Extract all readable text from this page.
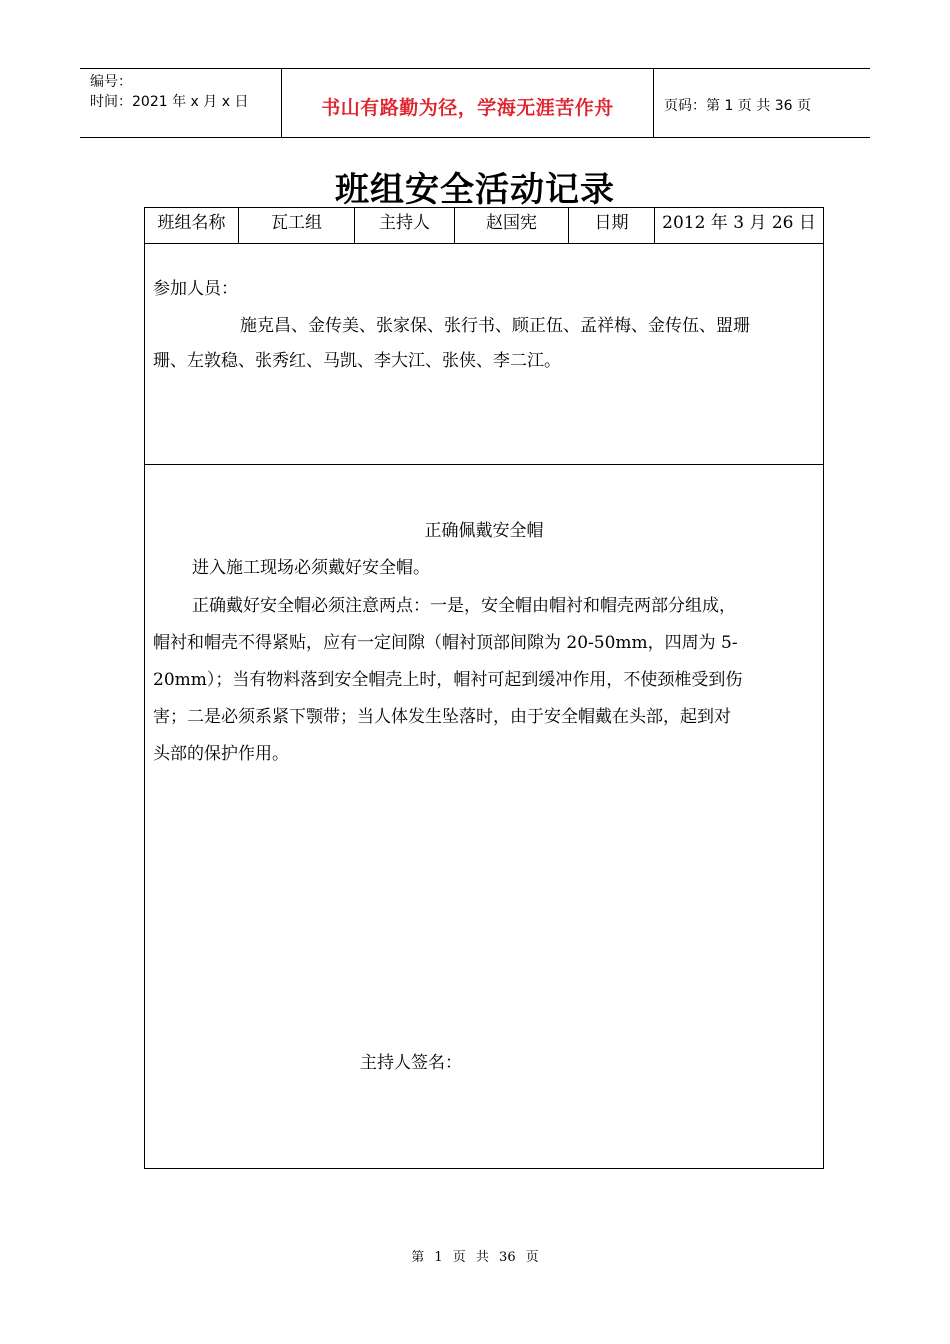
编号：
时间：2021 年 x 月 x 日	书山有路勤为径，学海无涯苦作舟	页码：第 1 页 共 36 页
班组安全活动记录
班组名称	瓦工组	主持人	赵国宪	日期	2012 年 3 月 26 日
参加人员：
施克昌、金传美、张家保、张行书、顾正伍、孟祥梅、金传伍、盟珊
珊、左敦稳、张秀红、马凯、李大江、张侠、李二江。
正确佩戴安全帽
进入施工现场必须戴好安全帽。
正确戴好安全帽必须注意两点：一是，安全帽由帽衬和帽壳两部分组成，
帽衬和帽壳不得紧贴，应有一定间隙（帽衬顶部间隙为 20-50mm，四周为 5-
20mm）；当有物料落到安全帽壳上时，帽衬可起到缓冲作用，不使颈椎受到伤
害；二是必须系紧下颚带；当人体发生坠落时，由于安全帽戴在头部，起到对
头部的保护作用。
主持人签名：
第 1 页 共 36 页
